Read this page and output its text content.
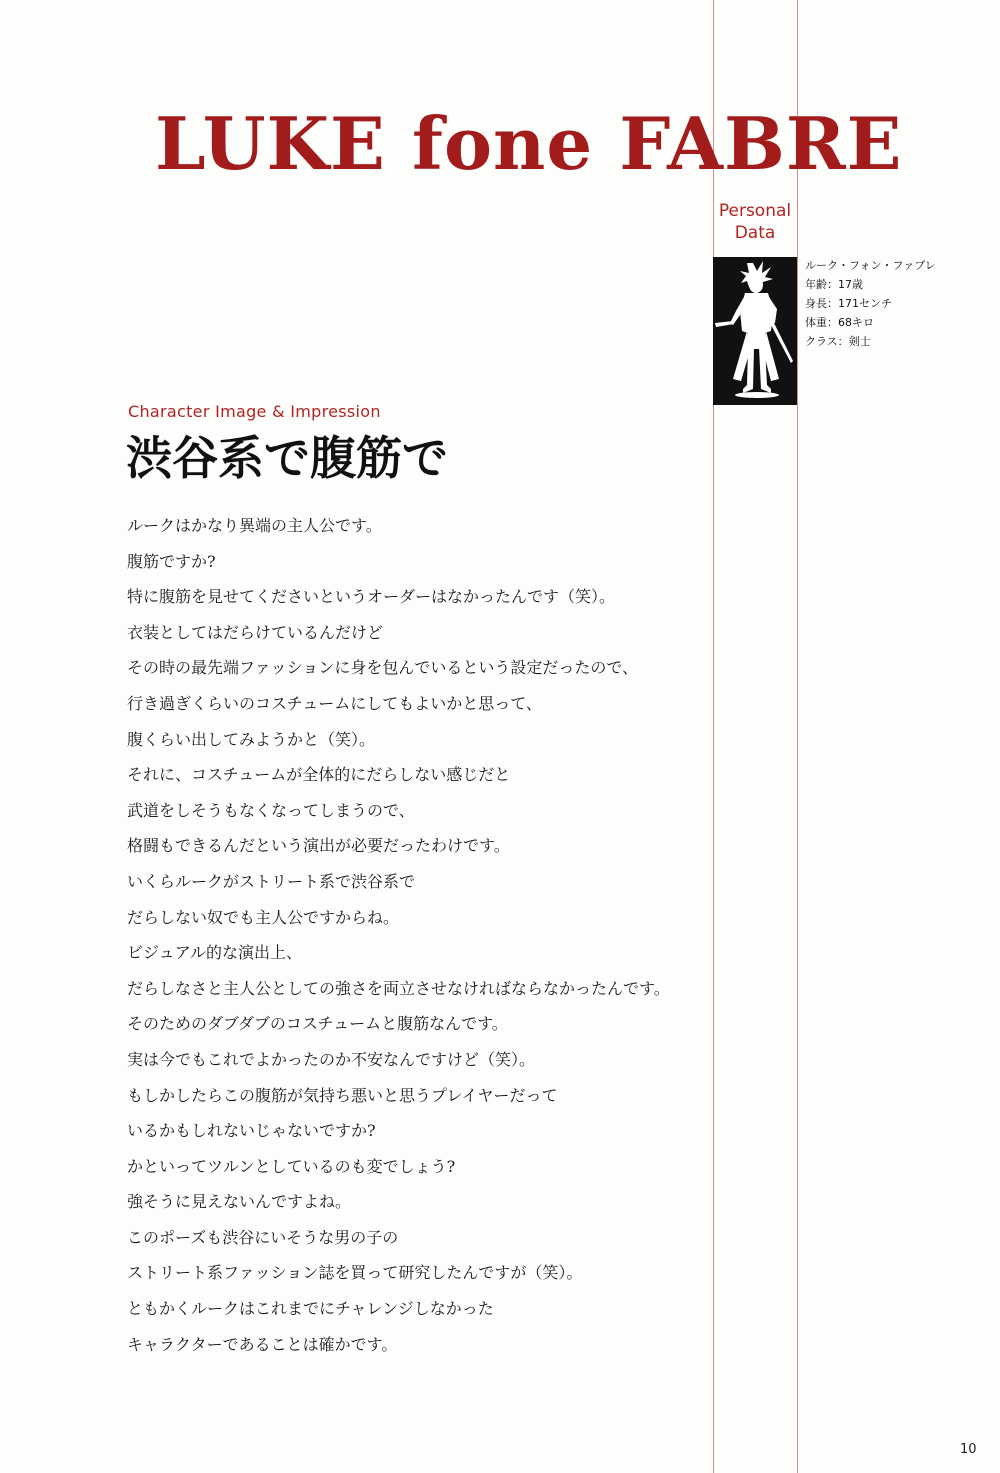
LUKE fone FABRE
Personal
Data
ルーク・フォン・ファブレ
年齢：17歳
身長：171センチ
体重：68キロ
クラス：剣士
Character Image & Impression
渋谷系で腹筋で
ルークはかなり異端の主人公です。
腹筋ですか?
特に腹筋を見せてくださいというオーダーはなかったんです（笑）。
衣装としてはだらけているんだけど
その時の最先端ファッションに身を包んでいるという設定だったので、
行き過ぎくらいのコスチュームにしてもよいかと思って、
腹くらい出してみようかと（笑）。
それに、コスチュームが全体的にだらしない感じだと
武道をしそうもなくなってしまうので、
格闘もできるんだという演出が必要だったわけです。
いくらルークがストリート系で渋谷系で
だらしない奴でも主人公ですからね。
ビジュアル的な演出上、
だらしなさと主人公としての強さを両立させなければならなかったんです。
そのためのダブダブのコスチュームと腹筋なんです。
実は今でもこれでよかったのか不安なんですけど（笑）。
もしかしたらこの腹筋が気持ち悪いと思うプレイヤーだって
いるかもしれないじゃないですか?
かといってツルンとしているのも変でしょう?
強そうに見えないんですよね。
このポーズも渋谷にいそうな男の子の
ストリート系ファッション誌を買って研究したんですが（笑）。
ともかくルークはこれまでにチャレンジしなかった
キャラクターであることは確かです。
10
